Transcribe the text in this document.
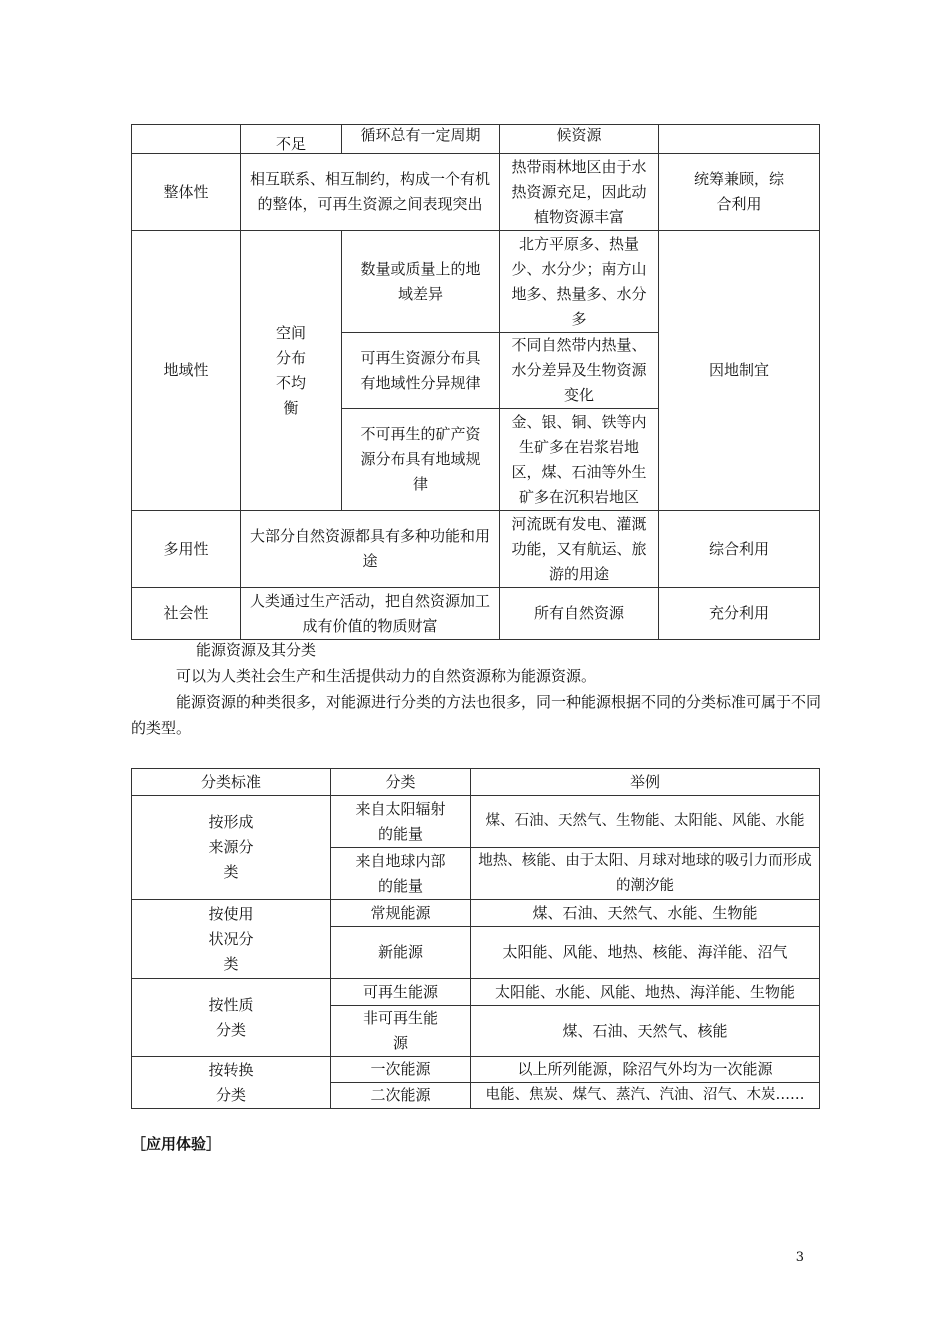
	不足	循环总有一定周期	候资源	
整体性	相互联系、相互制约，构成一个有机的整体，可再生资源之间表现突出		热带雨林地区由于水热资源充足，因此动植物资源丰富	统筹兼顾，综合利用
地域性	空间分布不均衡	数量或质量上的地域差异	北方平原多、热量少、水分少；南方山地多、热量多、水分多	因地制宜
		可再生资源分布具有地域性分异规律	不同自然带内热量、水分差异及生物资源变化	
		不可再生的矿产资源分布具有地域规律	金、银、铜、铁等内生矿多在岩浆岩地区，煤、石油等外生矿多在沉积岩地区	
多用性	大部分自然资源都具有多种功能和用途		河流既有发电、灌溉功能，又有航运、旅游的用途	综合利用
社会性	人类通过生产活动，把自然资源加工成有价值的物质财富		所有自然资源	充分利用
能源资源及其分类
可以为人类社会生产和生活提供动力的自然资源称为能源资源。
能源资源的种类很多，对能源进行分类的方法也很多，同一种能源根据不同的分类标准可属于不同的类型。
分类标准	分类	举例
按形成来源分类	来自太阳辐射的能量	煤、石油、天然气、生物能、太阳能、风能、水能
	来自地球内部的能量	地热、核能、由于太阳、月球对地球的吸引力而形成的潮汐能
按使用状况分类	常规能源	煤、石油、天然气、水能、生物能
	新能源	太阳能、风能、地热、核能、海洋能、沼气
按性质分类	可再生能源	太阳能、水能、风能、地热、海洋能、生物能
	非可再生能源	煤、石油、天然气、核能
按转换分类	一次能源	以上所列能源，除沼气外均为一次能源
	二次能源	电能、焦炭、煤气、蒸汽、汽油、沼气、木炭……
［应用体验］
3
